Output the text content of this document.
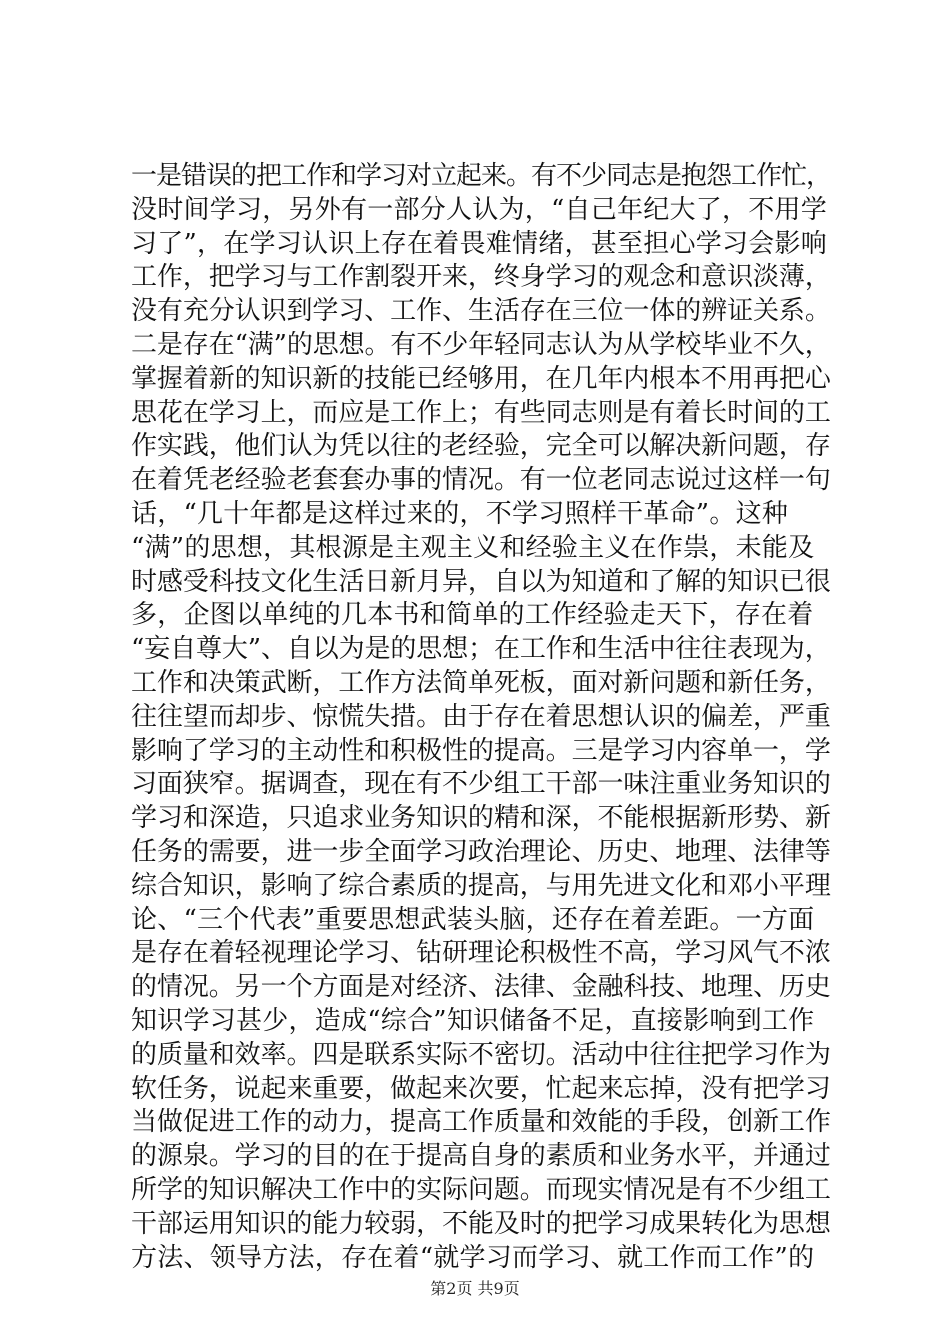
一是错误的把工作和学习对立起来。有不少同志是抱怨工作忙，
没时间学习，另外有一部分人认为，“自己年纪大了，不用学
习了”，在学习认识上存在着畏难情绪，甚至担心学习会影响
工作，把学习与工作割裂开来，终身学习的观念和意识淡薄，
没有充分认识到学习、工作、生活存在三位一体的辨证关系。
二是存在“满”的思想。有不少年轻同志认为从学校毕业不久，
掌握着新的知识新的技能已经够用，在几年内根本不用再把心
思花在学习上，而应是工作上；有些同志则是有着长时间的工
作实践，他们认为凭以往的老经验，完全可以解决新问题，存
在着凭老经验老套套办事的情况。有一位老同志说过这样一句
话，“几十年都是这样过来的，不学习照样干革命”。这种
“满”的思想，其根源是主观主义和经验主义在作祟，未能及
时感受科技文化生活日新月异，自以为知道和了解的知识已很
多，企图以单纯的几本书和简单的工作经验走天下，存在着
“妄自尊大”、自以为是的思想；在工作和生活中往往表现为，
工作和决策武断，工作方法简单死板，面对新问题和新任务，
往往望而却步、惊慌失措。由于存在着思想认识的偏差，严重
影响了学习的主动性和积极性的提高。三是学习内容单一，学
习面狭窄。据调查，现在有不少组工干部一味注重业务知识的
学习和深造，只追求业务知识的精和深，不能根据新形势、新
任务的需要，进一步全面学习政治理论、历史、地理、法律等
综合知识，影响了综合素质的提高，与用先进文化和邓小平理
论、“三个代表”重要思想武装头脑，还存在着差距。一方面
是存在着轻视理论学习、钻研理论积极性不高，学习风气不浓
的情况。另一个方面是对经济、法律、金融科技、地理、历史
知识学习甚少，造成“综合”知识储备不足，直接影响到工作
的质量和效率。四是联系实际不密切。活动中往往把学习作为
软任务，说起来重要，做起来次要，忙起来忘掉，没有把学习
当做促进工作的动力，提高工作质量和效能的手段，创新工作
的源泉。学习的目的在于提高自身的素质和业务水平，并通过
所学的知识解决工作中的实际问题。而现实情况是有不少组工
干部运用知识的能力较弱，不能及时的把学习成果转化为思想
方法、领导方法，存在着“就学习而学习、就工作而工作”的
第2页 共9页
